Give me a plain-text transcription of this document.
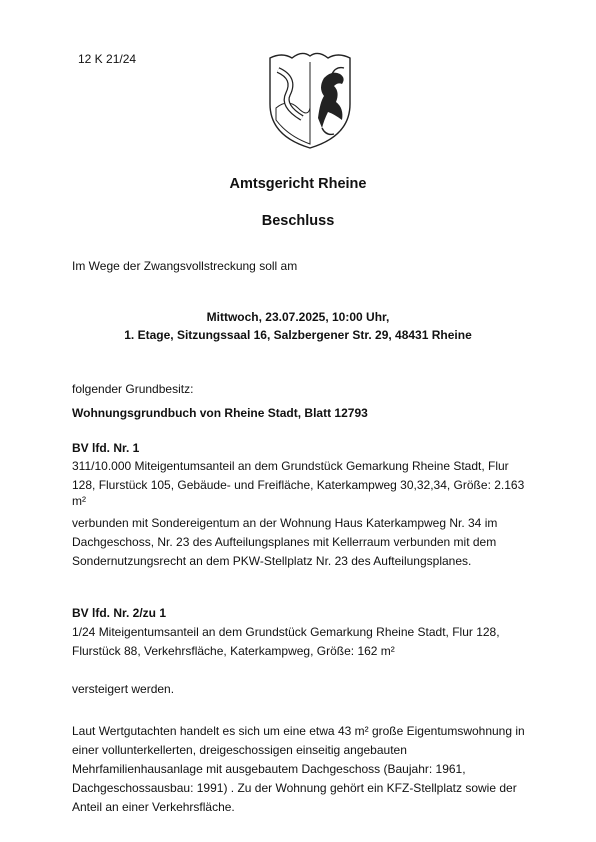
12 K 21/24
Amtsgericht Rheine
Beschluss
Im Wege der Zwangsvollstreckung soll am
Mittwoch, 23.07.2025, 10:00 Uhr,
1. Etage, Sitzungssaal 16, Salzbergener Str. 29, 48431 Rheine
folgender Grundbesitz:
Wohnungsgrundbuch von Rheine Stadt, Blatt 12793
BV lfd. Nr. 1
311/10.000 Miteigentumsanteil an dem Grundstück Gemarkung Rheine Stadt, Flur
128, Flurstück 105, Gebäude- und Freifläche, Katerkampweg 30,32,34, Größe: 2.163
m²
verbunden mit Sondereigentum an der Wohnung Haus Katerkampweg Nr. 34 im
Dachgeschoss, Nr. 23 des Aufteilungsplanes mit Kellerraum verbunden mit dem
Sondernutzungsrecht an dem PKW-Stellplatz Nr. 23 des Aufteilungsplanes.
BV lfd. Nr. 2/zu 1
1/24 Miteigentumsanteil an dem Grundstück Gemarkung Rheine Stadt, Flur 128,
Flurstück 88, Verkehrsfläche, Katerkampweg, Größe: 162 m²
versteigert werden.
Laut Wertgutachten handelt es sich um eine etwa 43 m² große Eigentumswohnung in
einer vollunterkellerten, dreigeschossigen einseitig angebauten
Mehrfamilienhausanlage mit ausgebautem Dachgeschoss (Baujahr: 1961,
Dachgeschossausbau: 1991) . Zu der Wohnung gehört ein KFZ-Stellplatz sowie der
Anteil an einer Verkehrsfläche.
